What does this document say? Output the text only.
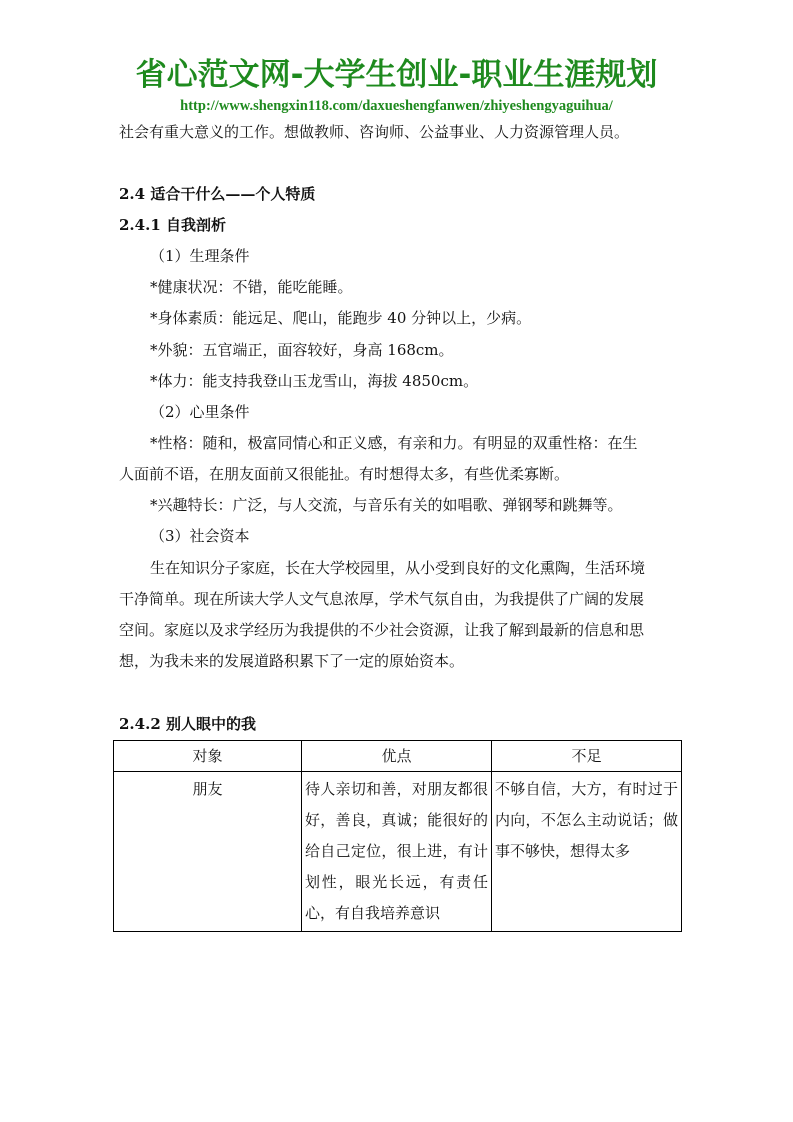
省心范文网-大学生创业-职业生涯规划
http://www.shengxin118.com/daxueshengfanwen/zhiyeshengyaguihua/
社会有重大意义的工作。想做教师、咨询师、公益事业、人力资源管理人员。
2.4 适合干什么——个人特质
2.4.1 自我剖析
（1）生理条件
*健康状况：不错，能吃能睡。
*身体素质：能远足、爬山，能跑步 40 分钟以上，少病。
*外貌：五官端正，面容较好，身高 168cm。
*体力：能支持我登山玉龙雪山，海拔 4850cm。
（2）心里条件
*性格：随和，极富同情心和正义感，有亲和力。有明显的双重性格：在生
人面前不语，在朋友面前又很能扯。有时想得太多，有些优柔寡断。
*兴趣特长：广泛，与人交流，与音乐有关的如唱歌、弹钢琴和跳舞等。
（3）社会资本
生在知识分子家庭，长在大学校园里，从小受到良好的文化熏陶，生活环境
干净简单。现在所读大学人文气息浓厚，学术气氛自由，为我提供了广阔的发展
空间。家庭以及求学经历为我提供的不少社会资源，让我了解到最新的信息和思
想，为我未来的发展道路积累下了一定的原始资本。
2.4.2 别人眼中的我
对象	优点	不足
朋友	待人亲切和善，对朋友都很好，善良，真诚；能很好的给自己定位，很上进，有计划性，眼光长远，有责任心，有自我培养意识	不够自信，大方，有时过于内向，不怎么主动说话；做事不够快，想得太多
